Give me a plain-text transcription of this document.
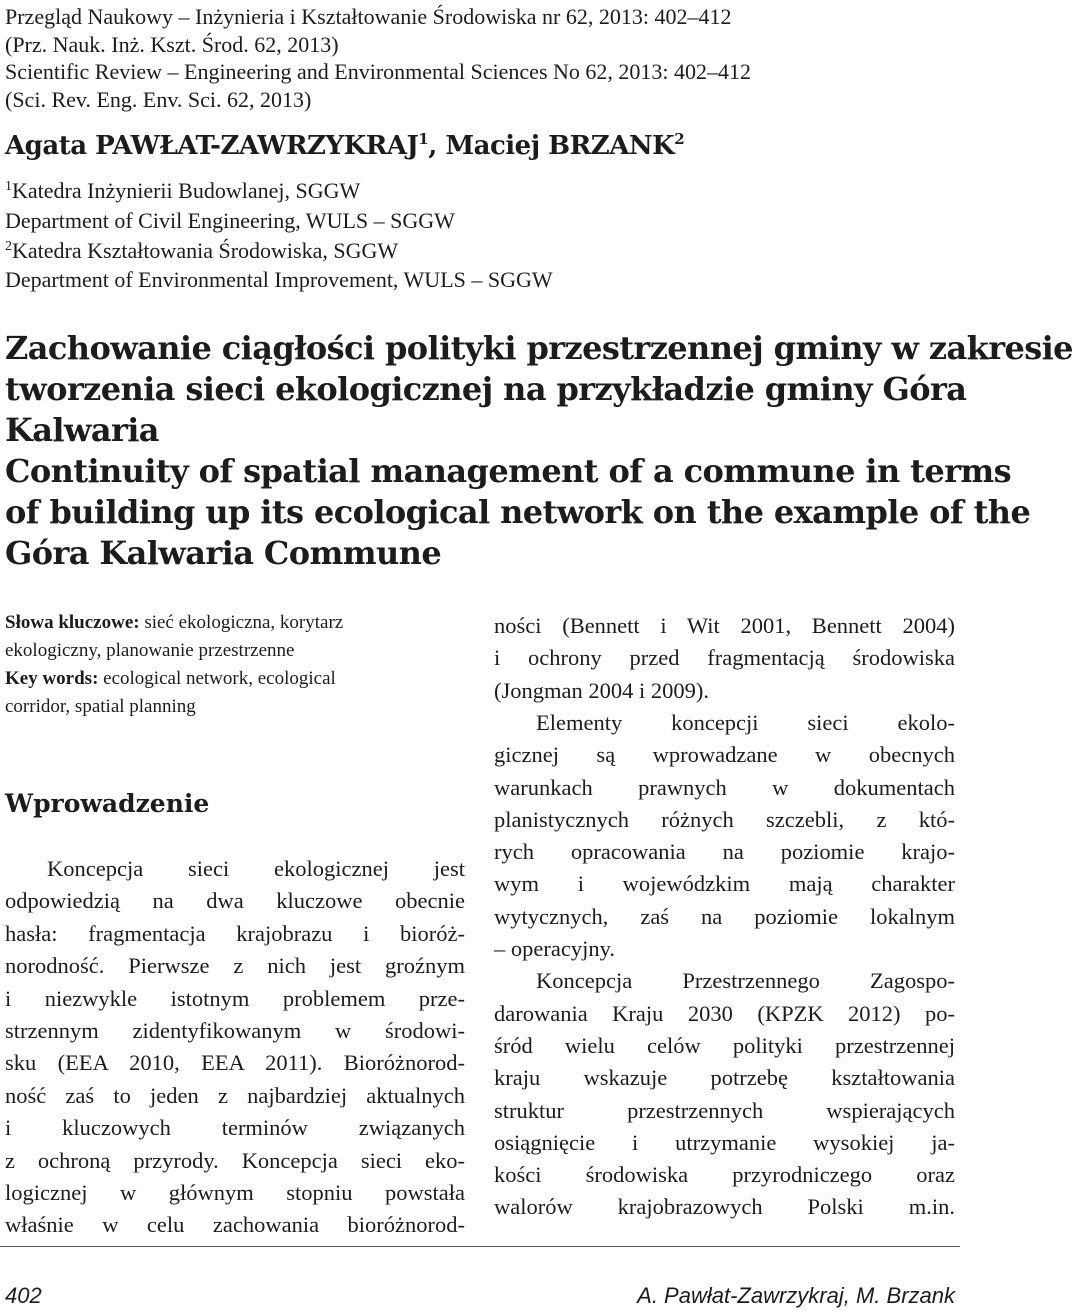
Przegląd Naukowy – Inżynieria i Kształtowanie Środowiska nr 62, 2013: 402–412
(Prz. Nauk. Inż. Kszt. Środ. 62, 2013)
Scientific Review – Engineering and Environmental Sciences No 62, 2013: 402–412
(Sci. Rev. Eng. Env. Sci. 62, 2013)
Agata PAWŁAT-ZAWRZYKRAJ$^1$, Maciej BRZANK$^2$
$^1$Katedra Inżynierii Budowlanej, SGGW
Department of Civil Engineering, WULS – SGGW
$^2$Katedra Kształtowania Środowiska, SGGW
Department of Environmental Improvement, WULS – SGGW
Zachowanie ciągłości polityki przestrzennej gminy w zakresie
tworzenia sieci ekologicznej na przykładzie gminy Góra
Kalwaria
Continuity of spatial management of a commune in terms
of building up its ecological network on the example of the
Góra Kalwaria Commune
Słowa kluczowe: sieć ekologiczna, korytarz
ekologiczny, planowanie przestrzenne
Key words: ecological network, ecological
corridor, spatial planning
Wprowadzenie
Koncepcja sieci ekologicznej jest
odpowiedzią na dwa kluczowe obecnie
hasła: fragmentacja krajobrazu i bioróż-
norodność. Pierwsze z nich jest groźnym
i niezwykle istotnym problemem prze-
strzennym zidentyfikowanym w środowi-
sku (EEA 2010, EEA 2011). Bioróżnorod-
ność zaś to jeden z najbardziej aktualnych
i kluczowych terminów związanych
z ochroną przyrody. Koncepcja sieci eko-
logicznej w głównym stopniu powstała
właśnie w celu zachowania bioróżnorod-
ności (Bennett i Wit 2001, Bennett 2004)
i ochrony przed fragmentacją środowiska
(Jongman 2004 i 2009).
Elementy koncepcji sieci ekolo-
gicznej są wprowadzane w obecnych
warunkach prawnych w dokumentach
planistycznych różnych szczebli, z któ-
rych opracowania na poziomie krajo-
wym i wojewódzkim mają charakter
wytycznych, zaś na poziomie lokalnym
– operacyjny.
Koncepcja Przestrzennego Zagospo-
darowania Kraju 2030 (KPZK 2012) po-
śród wielu celów polityki przestrzennej
kraju wskazuje potrzebę kształtowania
struktur przestrzennych wspierających
osiągnięcie i utrzymanie wysokiej ja-
kości środowiska przyrodniczego oraz
walorów krajobrazowych Polski m.in.
402	A. Pawłat-Zawrzykraj, M. Brzank
